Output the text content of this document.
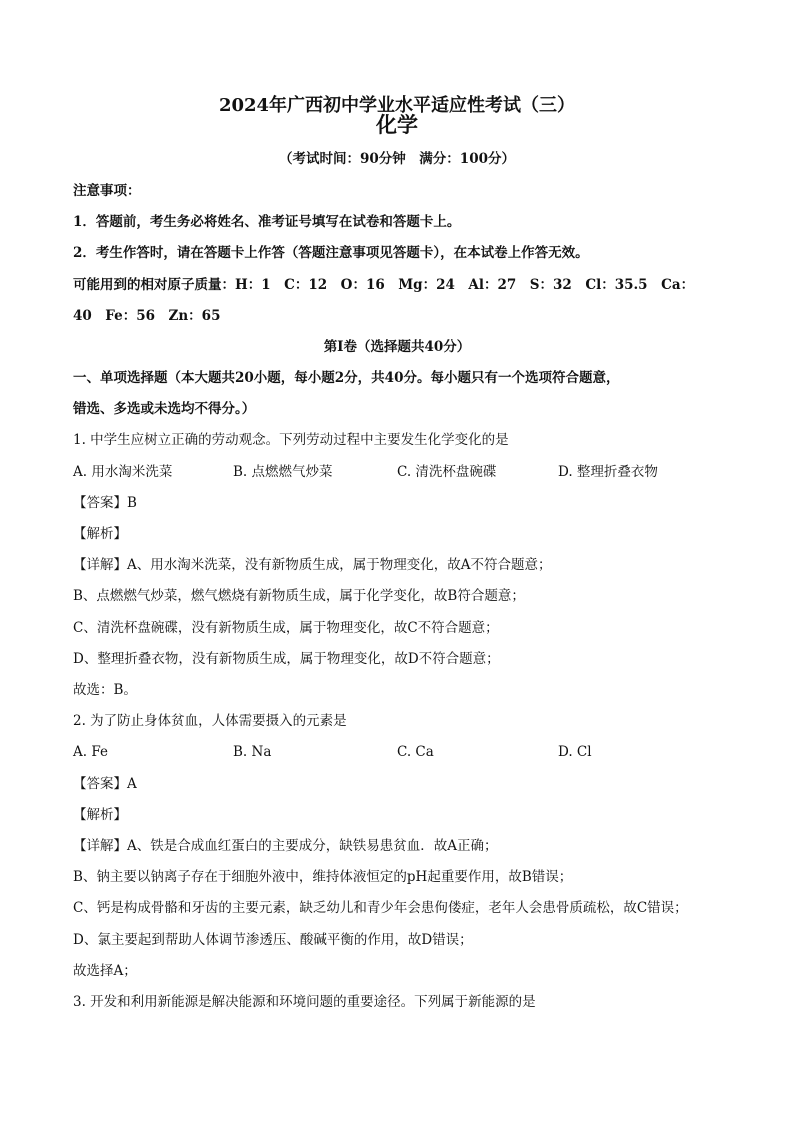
2024年广西初中学业水平适应性考试（三）
化学
（考试时间：90分钟　满分：100分）
注意事项：
1．答题前，考生务必将姓名、准考证号填写在试卷和答题卡上。
2．考生作答时，请在答题卡上作答（答题注意事项见答题卡），在本试卷上作答无效。
可能用到的相对原子质量：H：1　C：12　O：16　Mg：24　Al：27　S：32　Cl：35.5　Ca：
40　Fe：56　Zn：65
第Ⅰ卷（选择题共40分）
一、单项选择题（本大题共20小题，每小题2分，共40分。每小题只有一个选项符合题意，
错选、多选或未选均不得分。）
1. 中学生应树立正确的劳动观念。下列劳动过程中主要发生化学变化的是
A. 用水淘米洗菜	B. 点燃燃气炒菜	C. 清洗杯盘碗碟	D. 整理折叠衣物
【答案】B
【解析】
【详解】A、用水淘米洗菜，没有新物质生成，属于物理变化，故A不符合题意；
B、点燃燃气炒菜，燃气燃烧有新物质生成，属于化学变化，故B符合题意；
C、清洗杯盘碗碟，没有新物质生成，属于物理变化，故C不符合题意；
D、整理折叠衣物，没有新物质生成，属于物理变化，故D不符合题意；
故选：B。
2. 为了防止身体贫血，人体需要摄入的元素是
A. Fe	B. Na	C. Ca	D. Cl
【答案】A
【解析】
【详解】A、铁是合成血红蛋白的主要成分，缺铁易患贫血．故A正确；
B、钠主要以钠离子存在于细胞外液中，维持体液恒定的pH起重要作用，故B错误；
C、钙是构成骨骼和牙齿的主要元素，缺乏幼儿和青少年会患佝偻症，老年人会患骨质疏松，故C错误；
D、氯主要起到帮助人体调节渗透压、酸碱平衡的作用，故D错误；
故选择A；
3. 开发和利用新能源是解决能源和环境问题的重要途径。下列属于新能源的是
